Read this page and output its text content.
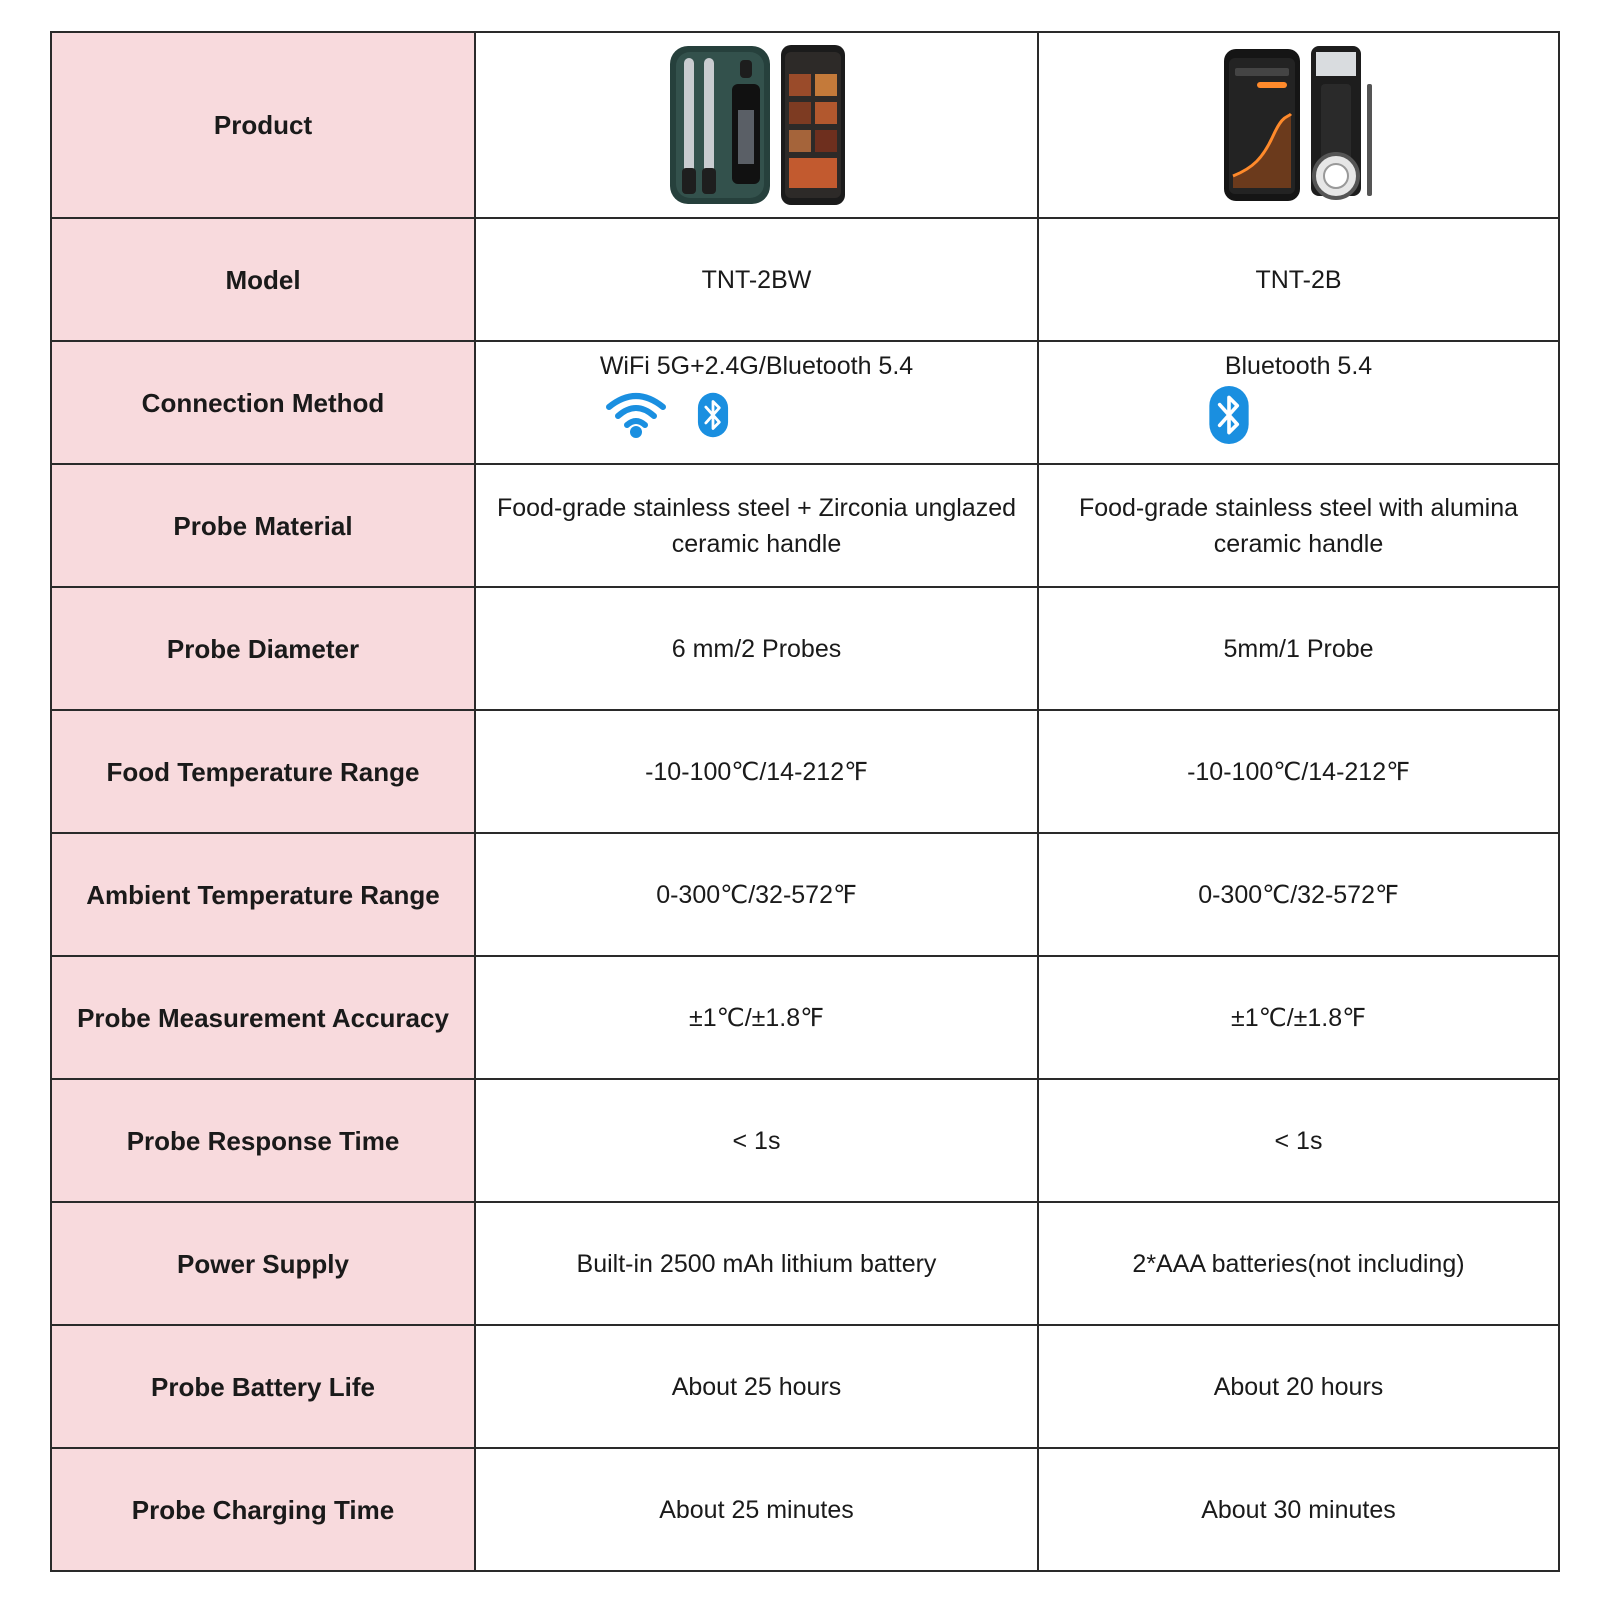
Product	

Model	TNT-2BW	TNT-2B
Connection Method	WiFi 5G+2.4G/Bluetooth 5.4	Bluetooth 5.4

Probe Material	Food-grade stainless steel + Zirconia unglazed ceramic handle	Food-grade stainless steel with alumina ceramic handle
Probe Diameter	6 mm/2 Probes	5mm/1 Probe
Food Temperature Range	-10-100℃/14-212℉	-10-100℃/14-212℉
Ambient Temperature Range	0-300℃/32-572℉	0-300℃/32-572℉
Probe Measurement Accuracy	±1℃/±1.8℉	±1℃/±1.8℉
Probe Response Time	< 1s	< 1s
Power Supply	Built-in 2500 mAh lithium battery	2*AAA batteries(not including)
Probe Battery Life	About 25 hours	About 20 hours
Probe Charging Time	About 25 minutes	About 30 minutes
